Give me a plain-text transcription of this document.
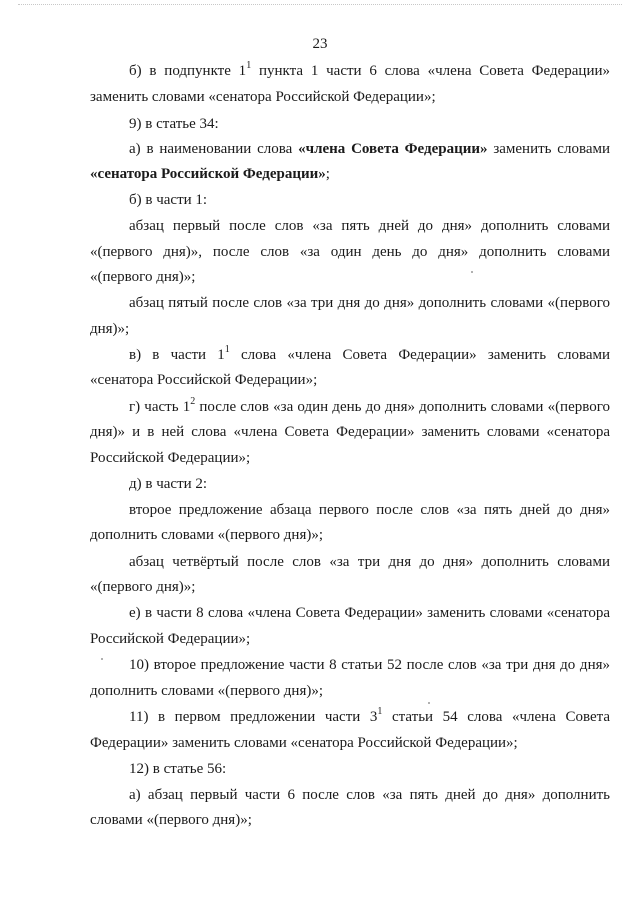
23
б) в подпункте $1^1$ пункта 1 части 6 слова «члена Совета Федерации»
заменить словами «сенатора Российской Федерации»;
9) в статье 34:
а) в наименовании слова «члена Совета Федерации» заменить словами
«сенатора Российской Федерации»;
б) в части 1:
абзац первый после слов «за пять дней до дня» дополнить словами
«(первого дня)», после слов «за один день до дня» дополнить словами
«(первого дня)»;
абзац пятый после слов «за три дня до дня» дополнить словами «(первого
дня)»;
в) в части $1^1$ слова «члена Совета Федерации» заменить словами
«сенатора Российской Федерации»;
г) часть $1^2$ после слов «за один день до дня» дополнить словами «(первого
дня)» и в ней слова «члена Совета Федерации» заменить словами «сенатора
Российской Федерации»;
д) в части 2:
второе предложение абзаца первого после слов «за пять дней до дня»
дополнить словами «(первого дня)»;
абзац четвёртый после слов «за три дня до дня» дополнить словами
«(первого дня)»;
е) в части 8 слова «члена Совета Федерации» заменить словами «сенатора
Российской Федерации»;
10) второе предложение части 8 статьи 52 после слов «за три дня до дня»
дополнить словами «(первого дня)»;
11) в первом предложении части $3^1$ статьи 54 слова «члена Совета
Федерации» заменить словами «сенатора Российской Федерации»;
12) в статье 56:
а) абзац первый части 6 после слов «за пять дней до дня» дополнить
словами «(первого дня)»;
